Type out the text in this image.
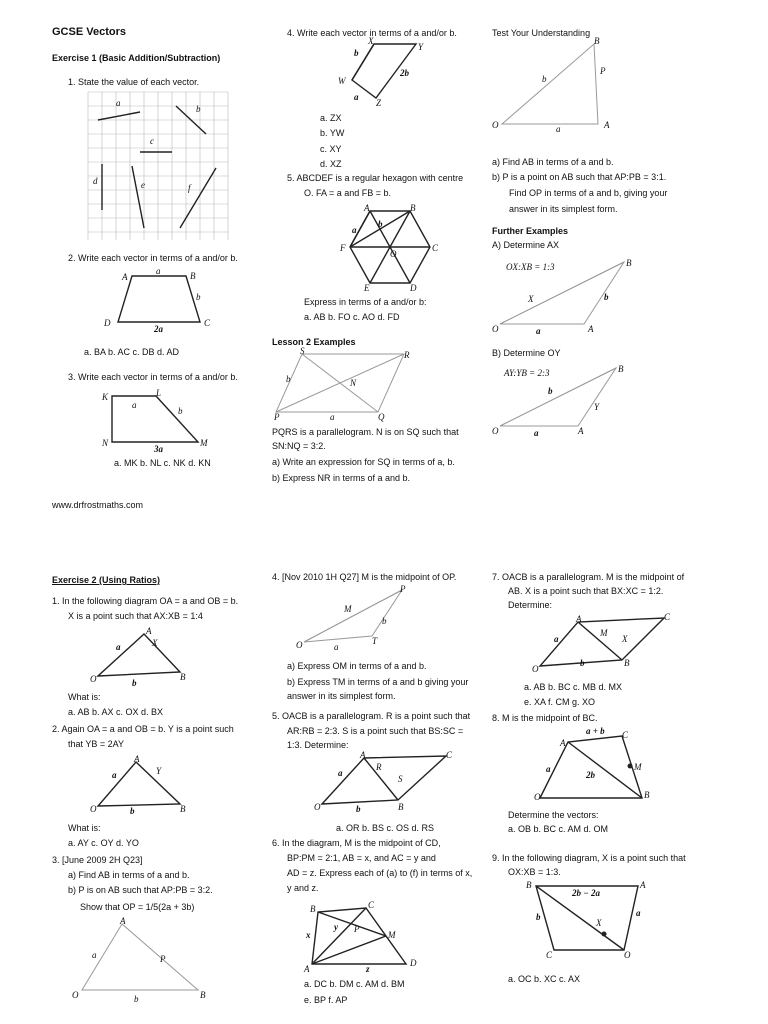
GCSE Vectors
Exercise 1 (Basic Addition/Subtraction)
1. State the value of each vector.
a
b
c
d	e	f
2. Write each vector in terms of a and/or b.
A	B
C
D
a
b
2a
a. BA b. AC c. DB d. AD
3. Write each vector in terms of a and/or b.
K	L
M
N
a
b
3a
a. MK b. NL c. NK d. KN
www.drfrostmaths.com
4. Write each vector in terms of a and/or b.
X
Y
W
Z
b
2b
a
a. ZX
b. YW
c. XY
d. XZ
5. ABCDEF is a regular hexagon with centre
O. FA = a and FB = b.
A	B
C
D
E
F
O
a
b
Express in terms of a and/or b:
a. AB b. FO c. AO d. FD
Lesson 2 Examples
S	R
P	Q
N
b
a
PQRS is a parallelogram. N is on SQ such that
SN:NQ = 3:2.
a) Write an expression for SQ in terms of a, b.
b) Express NR in terms of a and b.
Test Your Understanding
O	A
B
P
b
a
a) Find AB in terms of a and b.
b) P is a point on AB such that AP:PB = 3:1.
Find OP in terms of a and b, giving your
answer in its simplest form.
Further Examples
A) Determine AX
OX:XB = 1:3
O	A
B
X	b
a
B) Determine OY
AY:YB = 2:3
O	A
B
Y
b
a
Exercise 2 (Using Ratios)
1. In the following diagram OA = a and OB = b.
X is a point such that AX:XB = 1:4
A
X
O	B
a
b
What is:
a. AB b. AX c. OX d. BX
2. Again OA = a and OB = b. Y is a point such
that YB = 2AY
A
Y
O	B
a
b
What is:
a. AY c. OY d. YO
3. [June 2009 2H Q23]
a) Find AB in terms of a and b.
b) P is on AB such that AP:PB = 3:2.
Show that OP = 1/5(2a + 3b)
A
O	B
a
b
P
4. [Nov 2010 1H Q27] M is the midpoint of OP.
O	T
P
M
b
a
a) Express OM in terms of a and b.
b) Express TM in terms of a and b giving your
answer in its simplest form.
5. OACB is a parallelogram. R is a point such that
AR:RB = 2:3. S is a point such that BS:SC =
1:3. Determine:
A	C
O	B
R
S
a
b
a. OR b. BS c. OS d. RS
6. In the diagram, M is the midpoint of CD,
BP:PM = 2:1, AB = x, and AC = y and
AD = z. Express each of (a) to (f) in terms of x,
y and z.
B	C
M
D
A
P
x
y
z
a. DC b. DM c. AM d. BM
e. BP f. AP
7. OACB is a parallelogram. M is the midpoint of
AB. X is a point such that BX:XC = 1:2.
Determine:
A	C
O
B
M
X
a
b
a. AB b. BC c. MB d. MX
e. XA f. CM g. XO
8. M is the midpoint of BC.
A
C
M
B
O
a + b
a
2b
Determine the vectors:
a. OB b. BC c. AM d. OM
9. In the following diagram, X is a point such that
OX:XB = 1:3.
B	A
C	O
X
2b − 2a
b	a
a. OC b. XC c. AX
